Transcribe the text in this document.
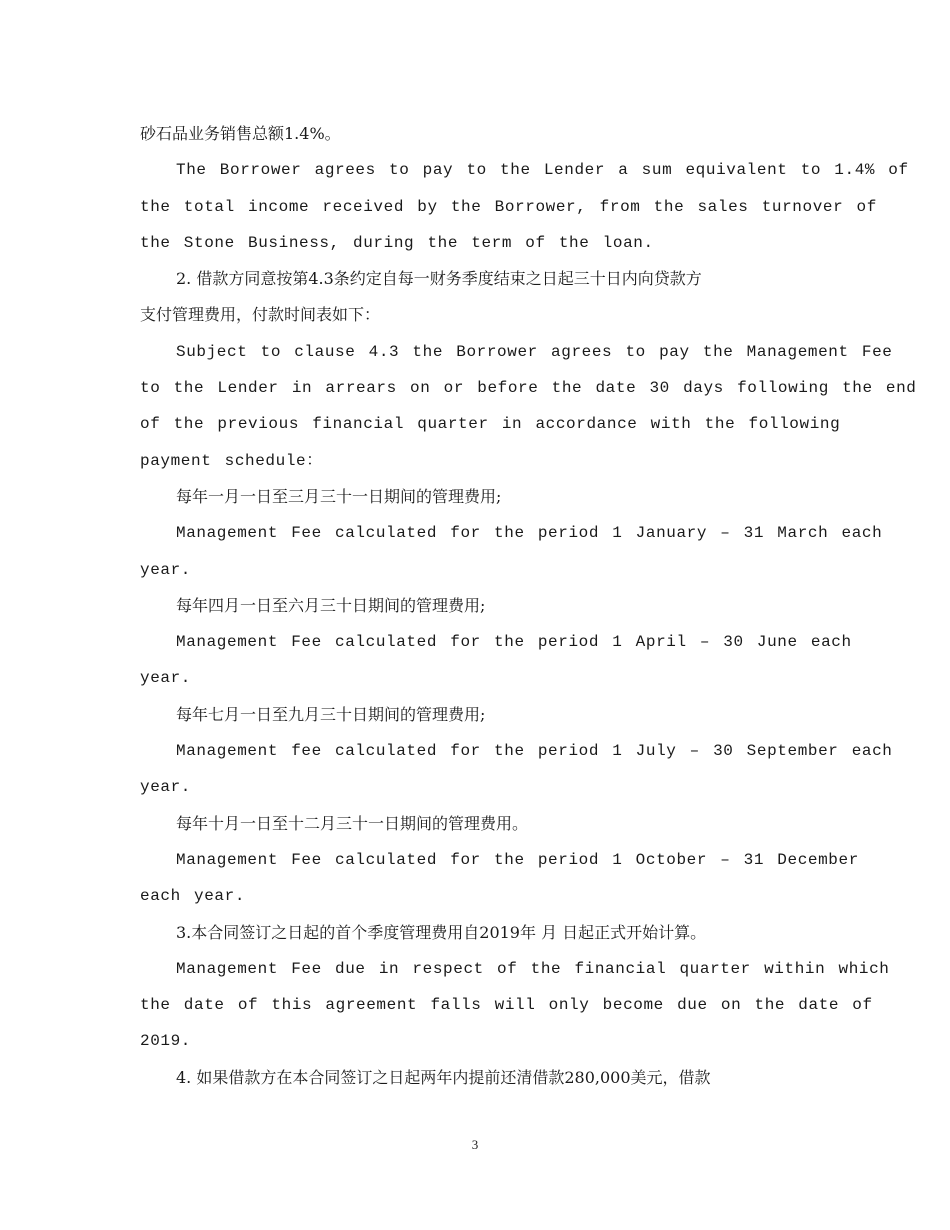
砂石品业务销售总额1.4%。
The Borrower agrees to pay to the Lender a sum equivalent to 1.4% of
the total income received by the Borrower, from the sales turnover of
the Stone Business, during the term of the loan.
2. 借款方同意按第4.3条约定自每一财务季度结束之日起三十日内向贷款方
支付管理费用，付款时间表如下：
Subject to clause 4.3 the Borrower agrees to pay the Management Fee
to the Lender in arrears on or before the date 30 days following the end
of the previous financial quarter in accordance with the following
payment schedule：
每年一月一日至三月三十一日期间的管理费用;
Management Fee calculated for the period 1 January – 31 March each
year.
每年四月一日至六月三十日期间的管理费用;
Management Fee calculated for the period 1 April – 30 June each
year.
每年七月一日至九月三十日期间的管理费用;
Management fee calculated for the period 1 July – 30 September each
year.
每年十月一日至十二月三十一日期间的管理费用。
Management Fee calculated for the period 1 October – 31 December
each year.
3.本合同签订之日起的首个季度管理费用自2019年 月 日起正式开始计算。
Management Fee due in respect of the financial quarter within which
the date of this agreement falls will only become due on the date of
2019.
4. 如果借款方在本合同签订之日起两年内提前还清借款280,000美元，借款
3
